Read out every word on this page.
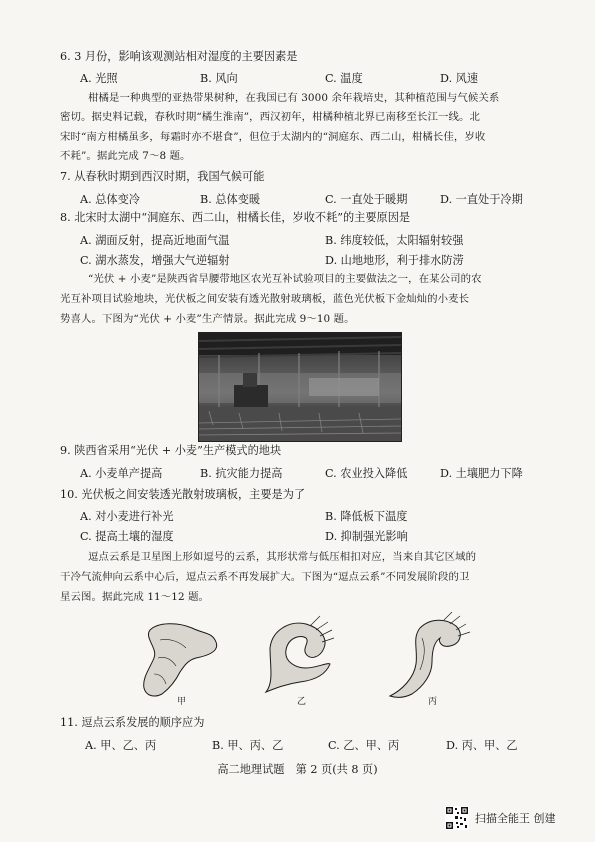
6. 3 月份，影响该观测站相对湿度的主要因素是
A. 光照	B. 风向	C. 温度	D. 风速
柑橘是一种典型的亚热带果树种，在我国已有 3000 余年栽培史，其种植范围与气候关系
密切。据史料记载，春秋时期“橘生淮南”，西汉初年，柑橘种植北界已南移至长江一线。北
宋时“南方柑橘虽多，每霜时亦不堪食”，但位于太湖内的“洞庭东、西二山，柑橘长佳，岁收
不耗”。据此完成 7～8 题。
7. 从春秋时期到西汉时期，我国气候可能
A. 总体变冷	B. 总体变暖	C. 一直处于暖期	D. 一直处于冷期
8. 北宋时太湖中“洞庭东、西二山，柑橘长佳，岁收不耗”的主要原因是
A. 湖面反射，提高近地面气温	B. 纬度较低，太阳辐射较强
C. 湖水蒸发，增强大气逆辐射	D. 山地地形，利于排水防涝
“光伏 + 小麦”是陕西省旱腰带地区农光互补试验项目的主要做法之一，在某公司的农
光互补项目试验地块，光伏板之间安装有透光散射玻璃板，蓝色光伏板下金灿灿的小麦长
势喜人。下图为“光伏 + 小麦”生产情景。据此完成 9～10 题。
9. 陕西省采用“光伏 + 小麦”生产模式的地块
A. 小麦单产提高	B. 抗灾能力提高	C. 农业投入降低	D. 土壤肥力下降
10. 光伏板之间安装透光散射玻璃板，主要是为了
A. 对小麦进行补光	B. 降低板下温度
C. 提高土壤的湿度	D. 抑制强光影响
逗点云系是卫星图上形如逗号的云系，其形状常与低压相扣对应，当来自其它区域的
干冷气流伸向云系中心后，逗点云系不再发展扩大。下图为“逗点云系”不同发展阶段的卫
星云图。据此完成 11～12 题。
甲	乙	丙
11. 逗点云系发展的顺序应为
A. 甲、乙、丙	B. 甲、丙、乙	C. 乙、甲、丙	D. 丙、甲、乙
高二地理试题　第 2 页(共 8 页)
扫描全能王 创建
